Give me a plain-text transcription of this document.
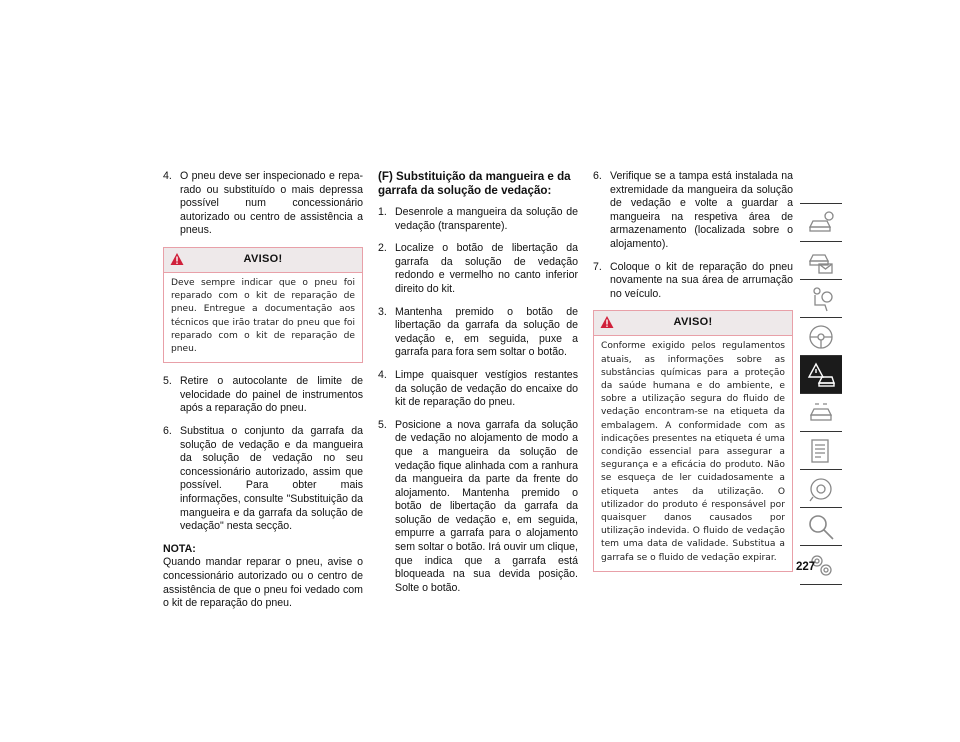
4. O pneu deve ser inspecionado e reparado ou substituído o mais depressa possível num concessionário autorizado ou centro de assistência a pneus.

AVISO!
Deve sempre indicar que o pneu foi reparado com o kit de reparação de pneu. Entregue a documentação aos técnicos que irão tratar do pneu que foi reparado com o kit de reparação de pneu.

5. Retire o autocolante de limite de velocidade do painel de instrumentos após a reparação do pneu.

6. Substitua o conjunto da garrafa da solução de vedação e da mangueira da solução de vedação no seu concessionário autorizado, assim que possível. Para obter mais informações, consulte "Substituição da mangueira e da garrafa da solução de vedação" nesta secção.

NOTA:

Quando mandar reparar o pneu, avise o concessionário autorizado ou o centro de assistência de que o pneu foi vedado com o kit de reparação do pneu.

(F) Substituição da mangueira e da garrafa da solução de vedação:

1. Desenrole a mangueira da solução de vedação (transparente).

2. Localize o botão de libertação da garrafa da solução de vedação redondo e vermelho no canto inferior direito do kit.

3. Mantenha premido o botão de libertação da garrafa da solução de vedação e, em seguida, puxe a garrafa para fora sem soltar o botão.

4. Limpe quaisquer vestígios restantes da solução de vedação do encaixe do kit de reparação do pneu.

5. Posicione a nova garrafa da solução de vedação no alojamento de modo a que a mangueira da solução de vedação fique alinhada com a ranhura da mangueira da parte da frente do alojamento. Mantenha premido o botão de libertação da garrafa da solução de vedação e, em seguida, empurre a garrafa para o alojamento sem soltar o botão. Irá ouvir um clique, que indica que a garrafa está bloqueada na sua devida posição. Solte o botão.

6. Verifique se a tampa está instalada na extremidade da mangueira da solução de vedação e volte a guardar a mangueira na respetiva área de armazenamento (localizada sobre o alojamento).

7. Coloque o kit de reparação do pneu novamente na sua área de arrumação no veículo.

AVISO!
Conforme exigido pelos regulamentos atuais, as informações sobre as substâncias químicas para a proteção da saúde humana e do ambiente, e sobre a utilização segura do fluido de vedação encontram-se na etiqueta da embalagem. A conformidade com as indicações presentes na etiqueta é uma condição essencial para assegurar a segurança e a eficácia do produto. Não se esqueça de ler cuidadosamente a etiqueta antes da utilização. O utilizador do produto é responsável por quaisquer danos causados por utilização indevida. O fluido de vedação tem uma data de validade. Substitua a garrafa se o fluido de vedação expirar.
227
